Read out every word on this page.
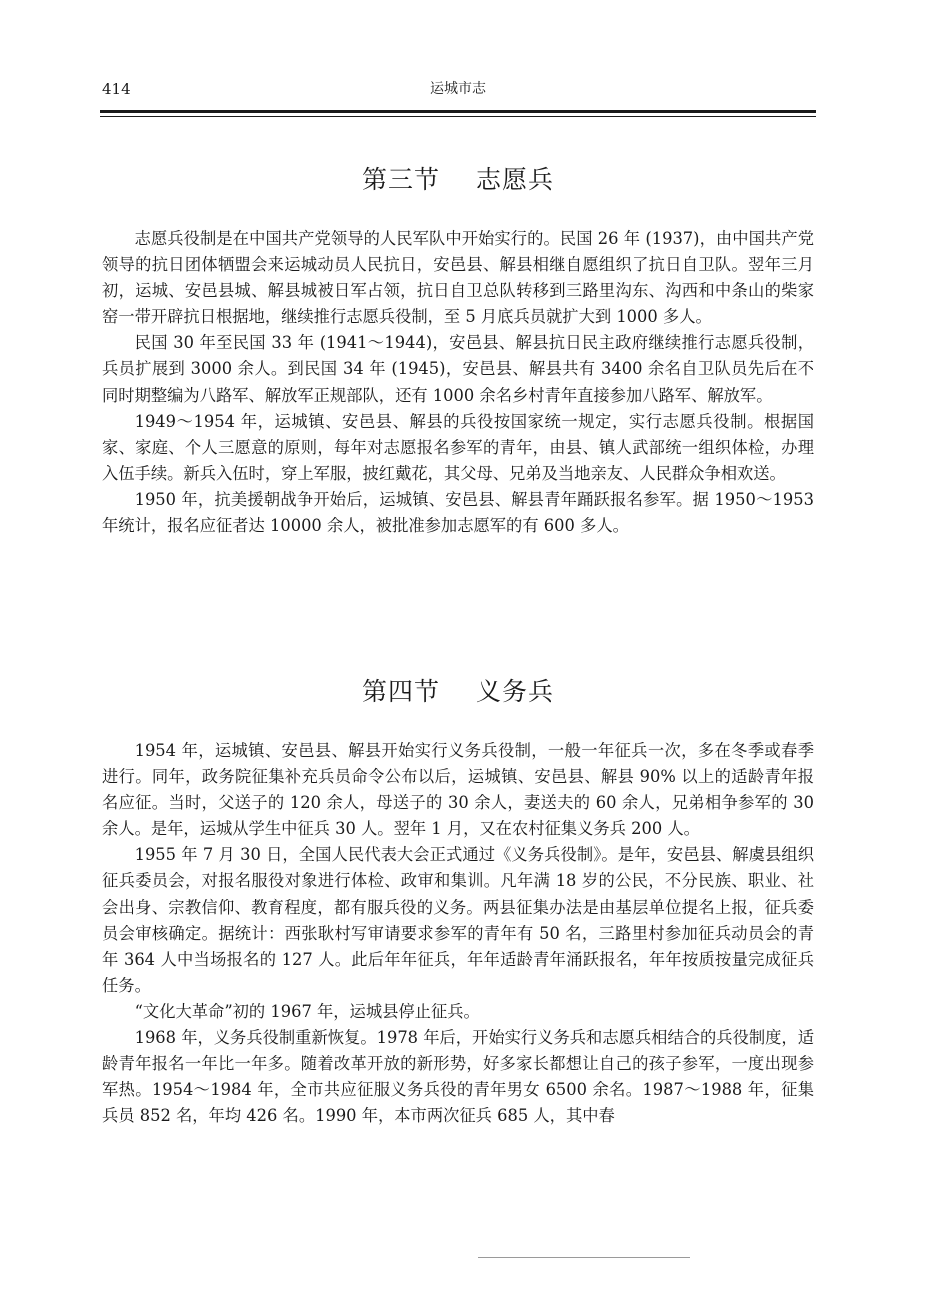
414	运城市志
第三节 志愿兵

志愿兵役制是在中国共产党领导的人民军队中开始实行的。民国 26 年 (1937)，由中国共产党领导的抗日团体牺盟会来运城动员人民抗日，安邑县、解县相继自愿组织了抗日自卫队。翌年三月初，运城、安邑县城、解县城被日军占领，抗日自卫总队转移到三路里沟东、沟西和中条山的柴家窑一带开辟抗日根据地，继续推行志愿兵役制，至 5 月底兵员就扩大到 1000 多人。

民国 30 年至民国 33 年 (1941～1944)，安邑县、解县抗日民主政府继续推行志愿兵役制，兵员扩展到 3000 余人。到民国 34 年 (1945)，安邑县、解县共有 3400 余名自卫队员先后在不同时期整编为八路军、解放军正规部队，还有 1000 余名乡村青年直接参加八路军、解放军。

1949～1954 年，运城镇、安邑县、解县的兵役按国家统一规定，实行志愿兵役制。根据国家、家庭、个人三愿意的原则，每年对志愿报名参军的青年，由县、镇人武部统一组织体检，办理入伍手续。新兵入伍时，穿上军服，披红戴花，其父母、兄弟及当地亲友、人民群众争相欢送。

1950 年，抗美援朝战争开始后，运城镇、安邑县、解县青年踊跃报名参军。据 1950～1953 年统计，报名应征者达 10000 余人，被批准参加志愿军的有 600 多人。

第四节 义务兵

1954 年，运城镇、安邑县、解县开始实行义务兵役制，一般一年征兵一次，多在冬季或春季进行。同年，政务院征集补充兵员命令公布以后，运城镇、安邑县、解县 90% 以上的适龄青年报名应征。当时，父送子的 120 余人，母送子的 30 余人，妻送夫的 60 余人，兄弟相争参军的 30 余人。是年，运城从学生中征兵 30 人。翌年 1 月，又在农村征集义务兵 200 人。

1955 年 7 月 30 日，全国人民代表大会正式通过《义务兵役制》。是年，安邑县、解虞县组织征兵委员会，对报名服役对象进行体检、政审和集训。凡年满 18 岁的公民，不分民族、职业、社会出身、宗教信仰、教育程度，都有服兵役的义务。两县征集办法是由基层单位提名上报，征兵委员会审核确定。据统计：西张耿村写审请要求参军的青年有 50 名，三路里村参加征兵动员会的青年 364 人中当场报名的 127 人。此后年年征兵，年年适龄青年涌跃报名，年年按质按量完成征兵任务。

“文化大革命”初的 1967 年，运城县停止征兵。

1968 年，义务兵役制重新恢复。1978 年后，开始实行义务兵和志愿兵相结合的兵役制度，适龄青年报名一年比一年多。随着改革开放的新形势，好多家长都想让自己的孩子参军，一度出现参军热。1954～1984 年，全市共应征服义务兵役的青年男女 6500 余名。1987～1988 年，征集兵员 852 名，年均 426 名。1990 年，本市两次征兵 685 人，其中春
